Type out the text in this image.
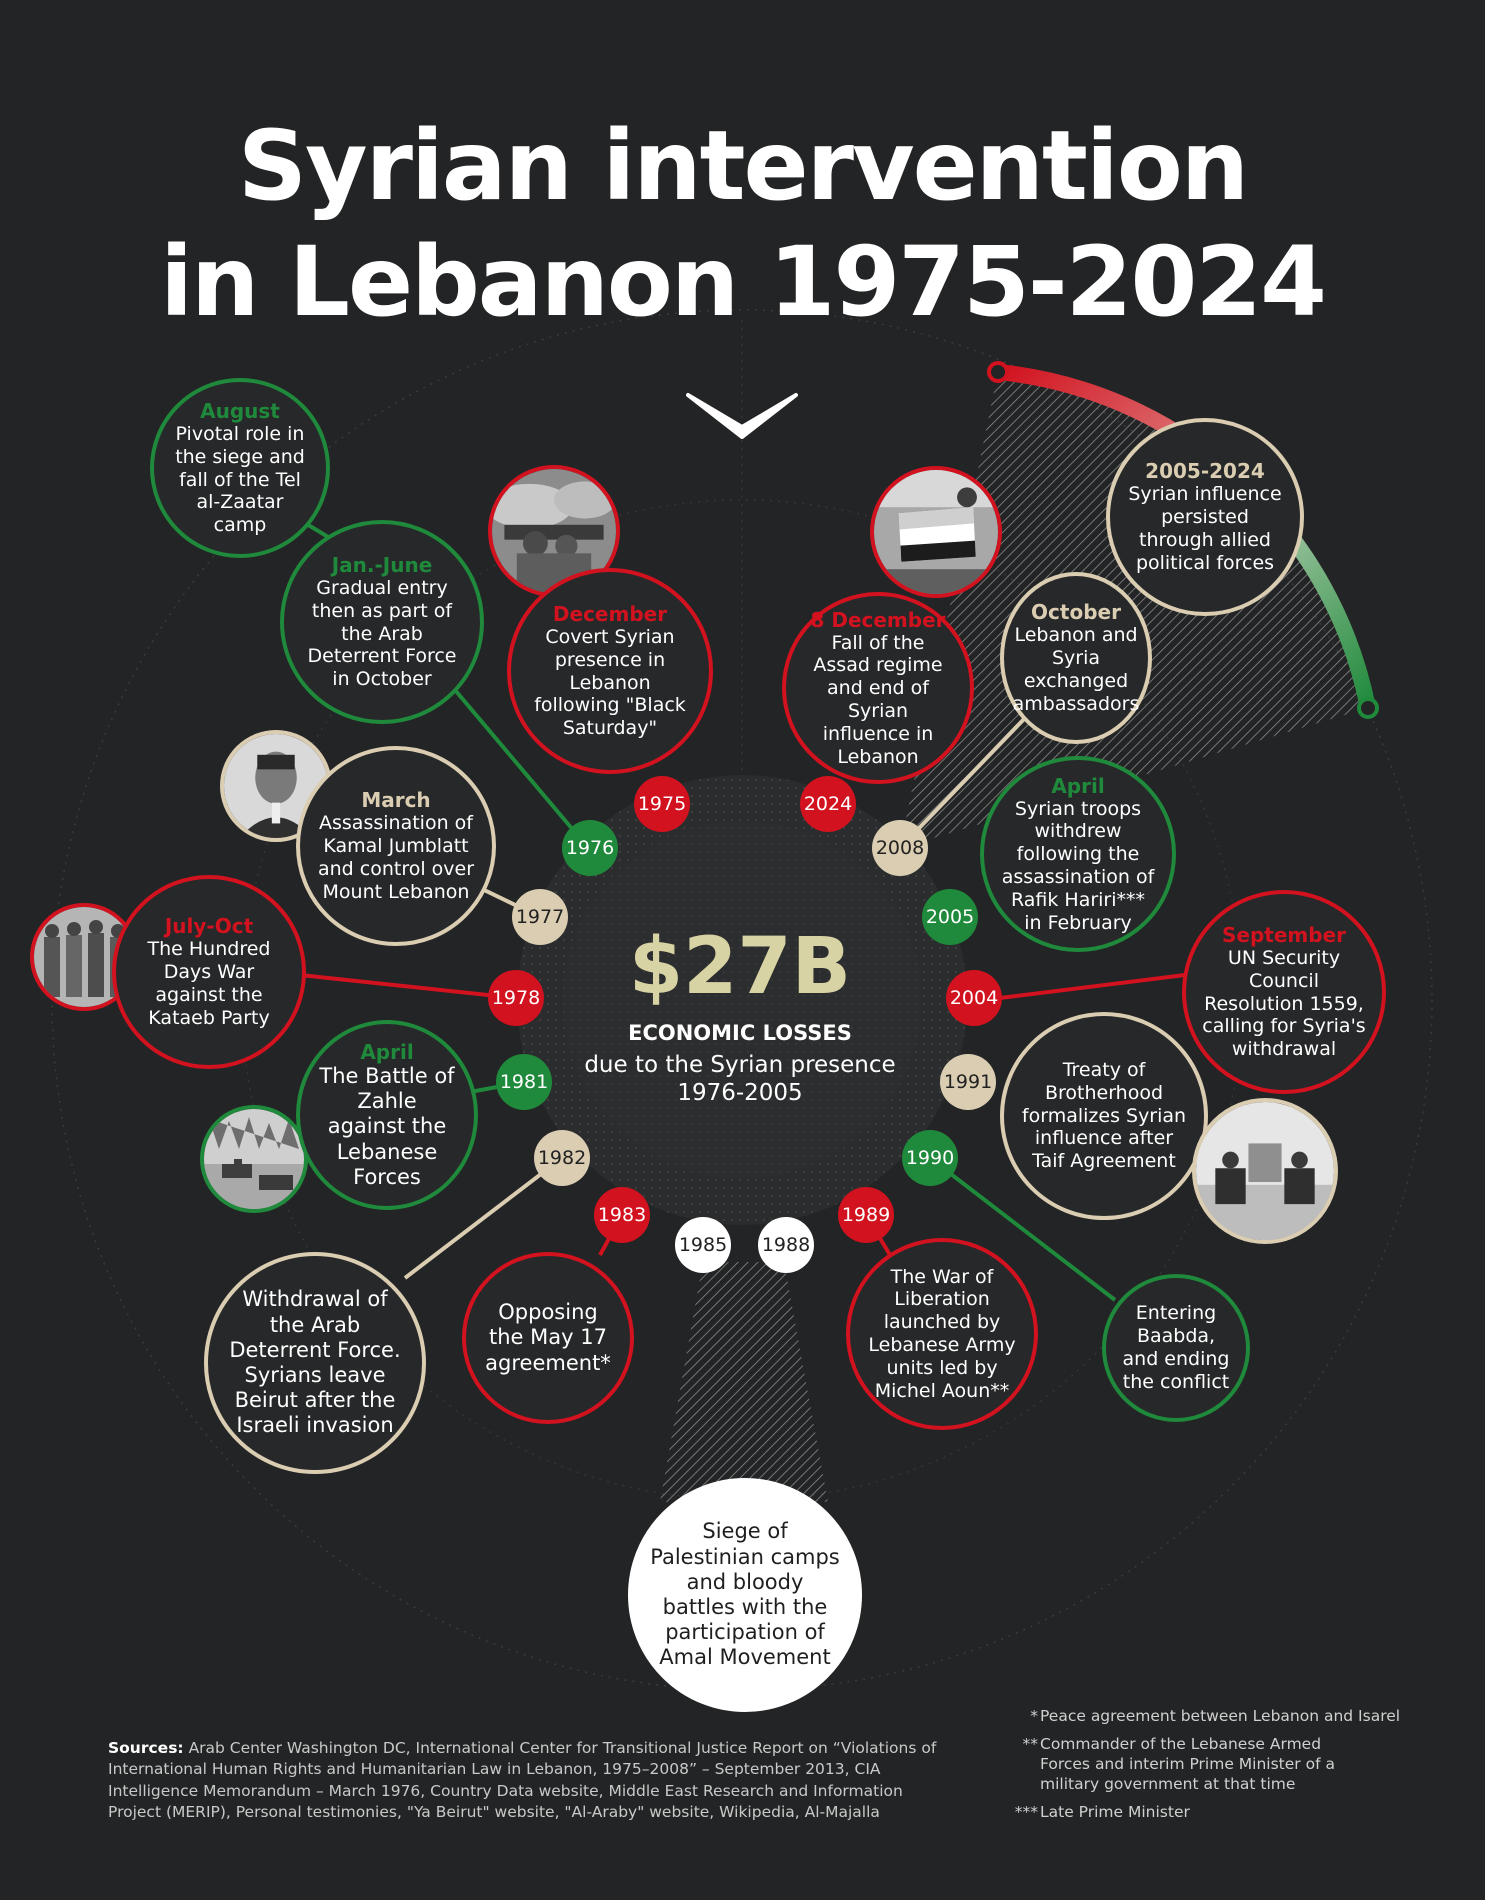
Syrian intervention
in Lebanon 1975-2024
August
Pivotal role in the siege and fall of the Tel al-Zaatar camp
Jan.-June
Gradual entry then as part of the Arab Deterrent Force in October
December
Covert Syrian presence in Lebanon following "Black Saturday"
March
Assassination of Kamal Jumblatt and control over Mount Lebanon
July-Oct
The Hundred Days War against the Kataeb Party
April
The Battle of Zahle against the Lebanese Forces
Withdrawal of the Arab Deterrent Force. Syrians leave Beirut after the Israeli invasion
Opposing the May 17 agreement*
Siege of Palestinian camps and bloody battles with the participation of Amal Movement
The War of Liberation launched by Lebanese Army units led by Michel Aoun**
Entering Baabda, and ending the conflict
Treaty of Brotherhood formalizes Syrian influence after Taif Agreement
September
UN Security Council Resolution 1559, calling for Syria's withdrawal
April
Syrian troops withdrew following the assassination of Rafik Hariri*** in February
October
Lebanon and Syria exchanged ambassadors
8 December
Fall of the Assad regime and end of Syrian influence in Lebanon
2005-2024
Syrian influence persisted through allied political forces
1975
1976
1977
1978
1981
1982
1983
1985 1988
1989
1990
1991
2004
2005
2008
2024
$27B
ECONOMIC LOSSES
due to the Syrian presence 1976-2005
Sources: Arab Center Washington DC, International Center for Transitional Justice Report on “Violations of International Human Rights and Humanitarian Law in Lebanon, 1975–2008” – September 2013, CIA Intelligence Memorandum – March 1976, Country Data website, Middle East Research and Information Project (MERIP), Personal testimonies, "Ya Beirut" website, "Al-Araby" website, Wikipedia, Al-Majalla
* Peace agreement between Lebanon and Isarel
** Commander of the Lebanese Armed Forces and interim Prime Minister of a military government at that time
*** Late Prime Minister
